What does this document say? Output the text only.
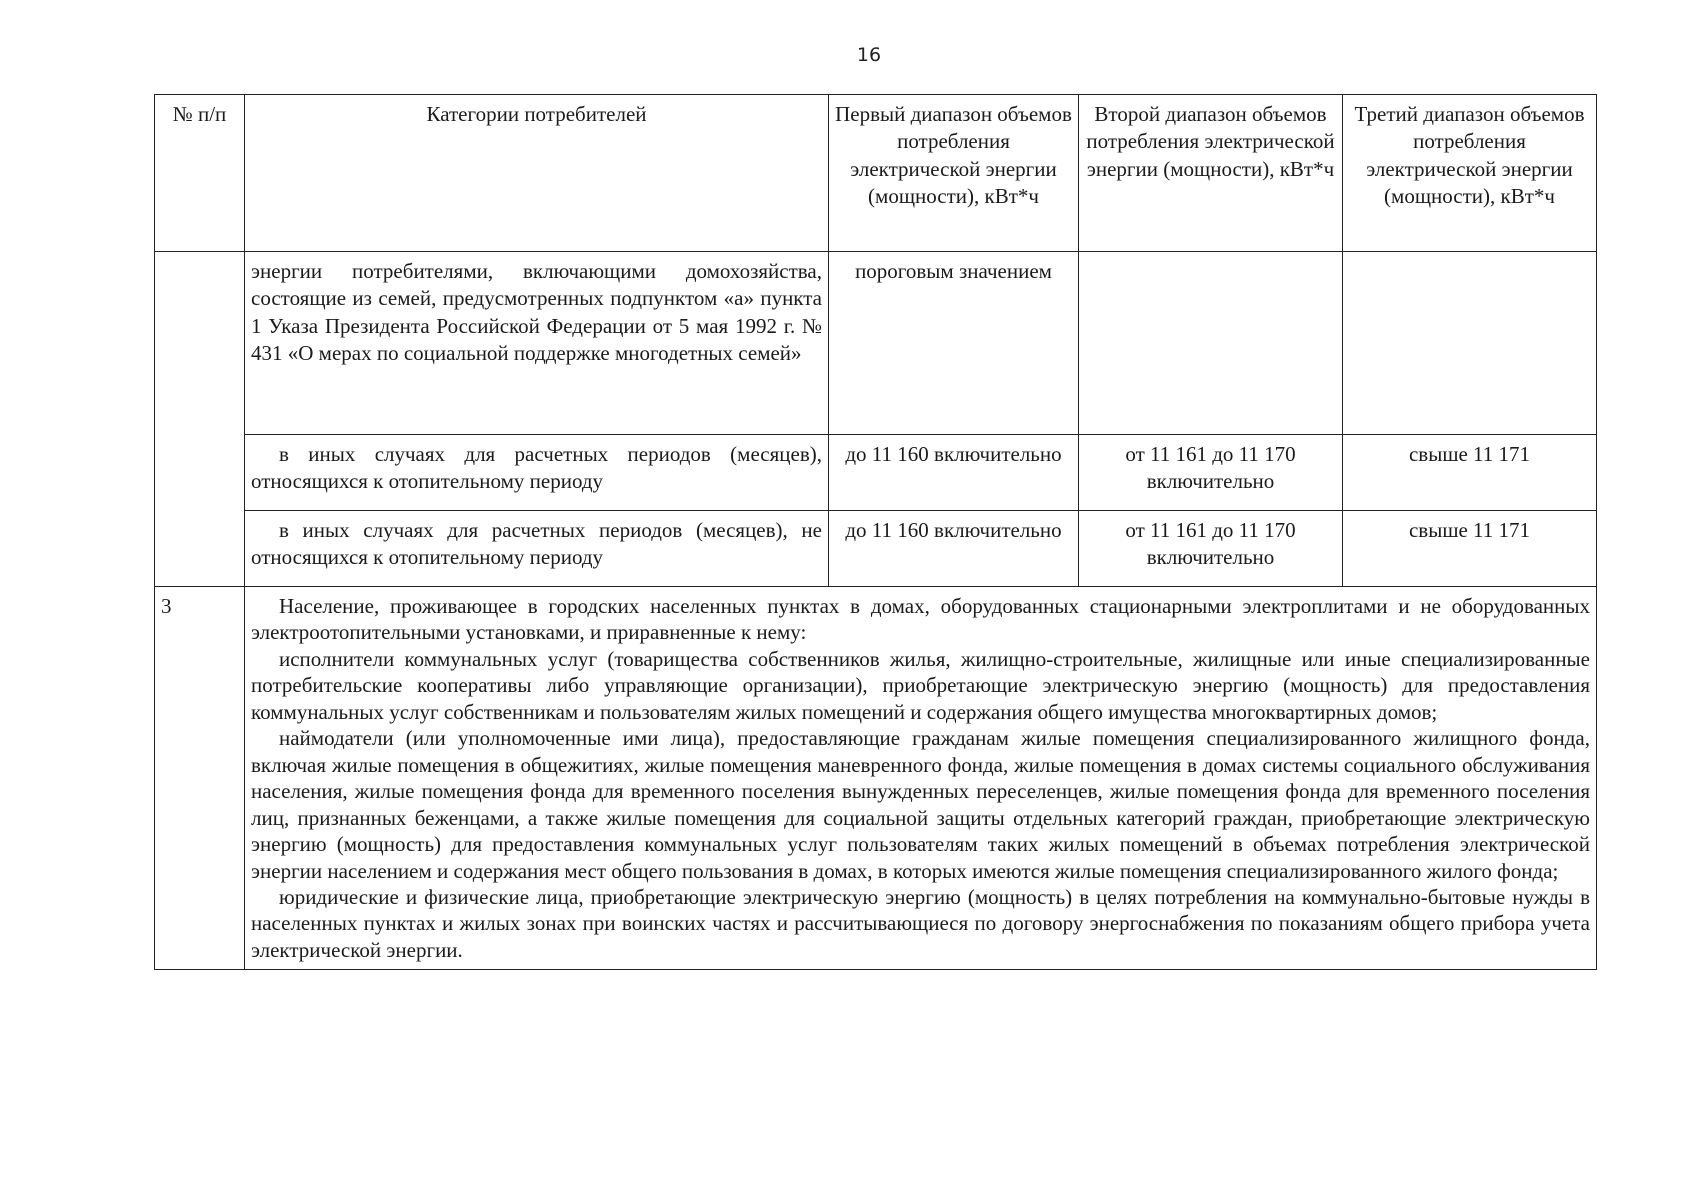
16
№ п/п	Категории потребителей	Первый диапазон объемов потребления электрической энергии (мощности), кВт*ч	Второй диапазон объемов потребления электрической энергии (мощности), кВт*ч	Третий диапазон объемов потребления электрической энергии (мощности), кВт*ч
	энергии потребителями, включающими домохозяйства, состоящие из семей, предусмотренных подпунктом «а» пункта 1 Указа Президента Российской Федерации от 5 мая 1992 г. № 431 «О мерах по социальной поддержке многодетных семей»	пороговым значением		

	в иных случаях для расчетных периодов (месяцев), относящихся к отопительному периоду	до 11 160 включительно	от 11 161 до 11 170 включительно	свыше 11 171

	в иных случаях для расчетных периодов (месяцев), не относящихся к отопительному периоду	до 11 160 включительно	от 11 161 до 11 170 включительно	свыше 11 171
3	Население, проживающее в городских населенных пунктах в домах, оборудованных стационарными электроплитами и не оборудованных электроотопительными установками, и приравненные к нему:

исполнители коммунальных услуг (товарищества собственников жилья, жилищно-строительные, жилищные или иные специализированные потребительские кооперативы либо управляющие организации), приобретающие электрическую энергию (мощность) для предоставления коммунальных услуг собственникам и пользователям жилых помещений и содержания общего имущества многоквартирных домов;

наймодатели (или уполномоченные ими лица), предоставляющие гражданам жилые помещения специализированного жилищного фонда, включая жилые помещения в общежитиях, жилые помещения маневренного фонда, жилые помещения в домах системы социального обслуживания населения, жилые помещения фонда для временного поселения вынужденных переселенцев, жилые помещения фонда для временного поселения лиц, признанных беженцами, а также жилые помещения для социальной защиты отдельных категорий граждан, приобретающие электрическую энергию (мощность) для предоставления коммунальных услуг пользователям таких жилых помещений в объемах потребления электрической энергии населением и содержания мест общего пользования в домах, в которых имеются жилые помещения специализированного жилого фонда;

юридические и физические лица, приобретающие электрическую энергию (мощность) в целях потребления на коммунально-бытовые нужды в населенных пунктах и жилых зонах при воинских частях и рассчитывающиеся по договору энергоснабжения по показаниям общего прибора учета электрической энергии.			
